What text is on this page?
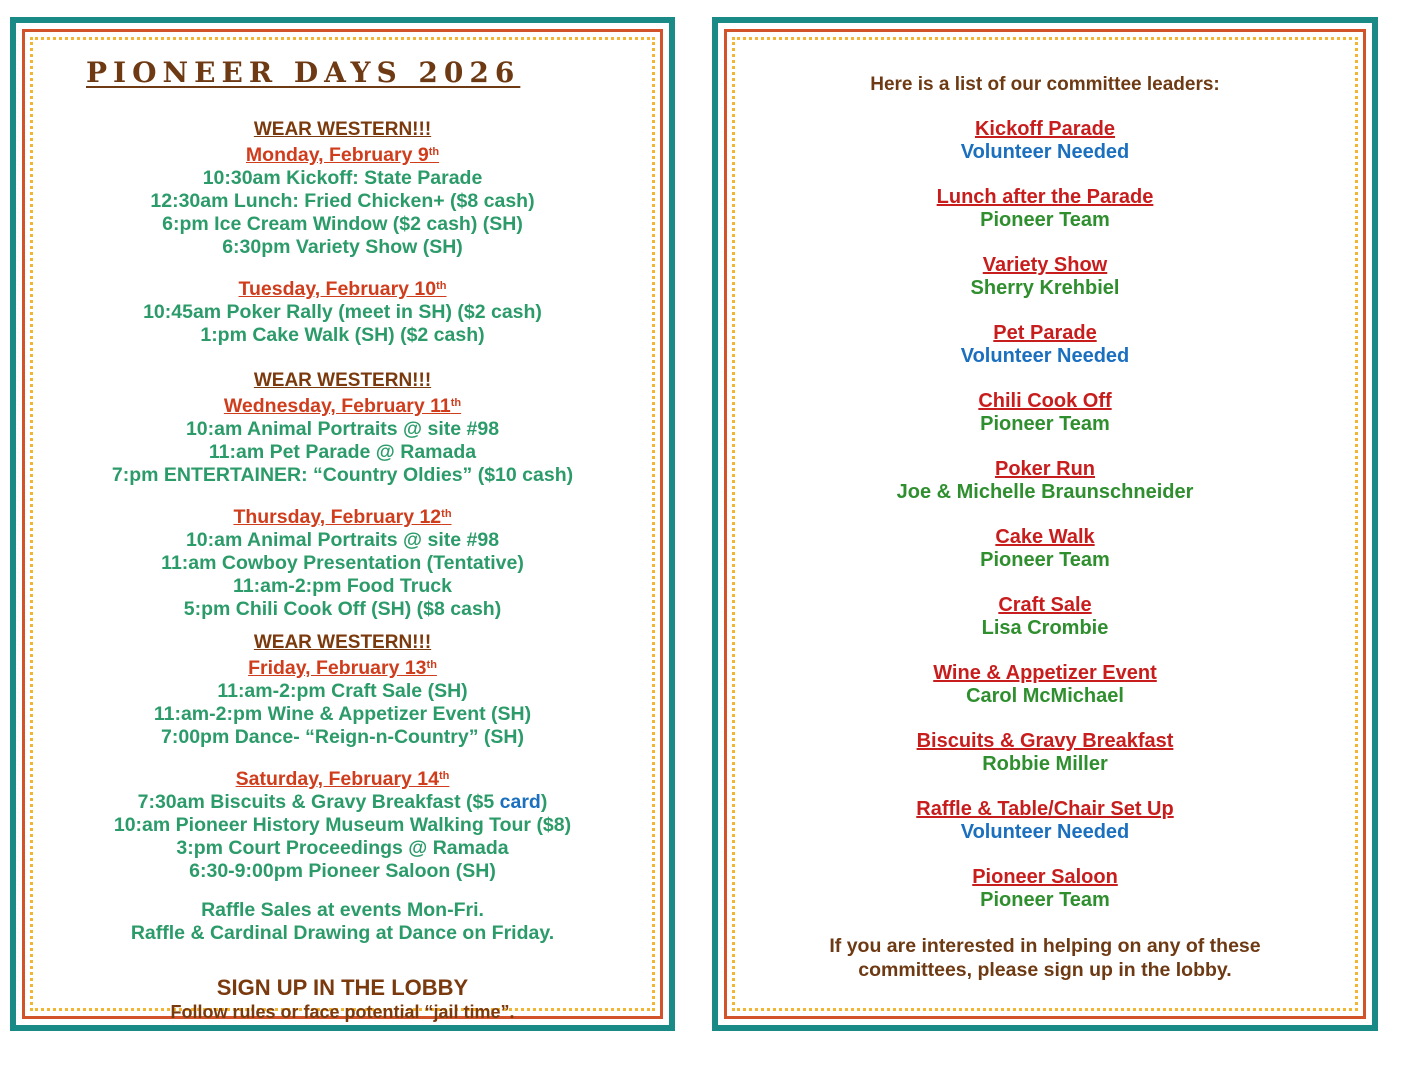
PIONEER DAYS 2026
WEAR WESTERN!!!
Monday, February 9th
10:30am Kickoff: State Parade
12:30am Lunch: Fried Chicken+ ($8 cash)
6:pm Ice Cream Window ($2 cash) (SH)
6:30pm Variety Show (SH)
Tuesday, February 10th
10:45am Poker Rally (meet in SH) ($2 cash)
1:pm Cake Walk (SH) ($2 cash)
WEAR WESTERN!!!
Wednesday, February 11th
10:am Animal Portraits @ site #98
11:am Pet Parade @ Ramada
7:pm ENTERTAINER: “Country Oldies” ($10 cash)
Thursday, February 12th
10:am Animal Portraits @ site #98
11:am Cowboy Presentation (Tentative)
11:am-2:pm Food Truck
5:pm Chili Cook Off (SH) ($8 cash)
WEAR WESTERN!!!
Friday, February 13th
11:am-2:pm Craft Sale (SH)
11:am-2:pm Wine & Appetizer Event (SH)
7:00pm Dance- “Reign-n-Country” (SH)
Saturday, February 14th
7:30am Biscuits & Gravy Breakfast ($5 card)
10:am Pioneer History Museum Walking Tour ($8)
3:pm Court Proceedings @ Ramada
6:30-9:00pm Pioneer Saloon (SH)
Raffle Sales at events Mon-Fri.
Raffle & Cardinal Drawing at Dance on Friday.
SIGN UP IN THE LOBBY
Follow rules or face potential “jail time”.
Here is a list of our committee leaders:
Kickoff Parade
Volunteer Needed
Lunch after the Parade
Pioneer Team
Variety Show
Sherry Krehbiel
Pet Parade
Volunteer Needed
Chili Cook Off
Pioneer Team
Poker Run
Joe & Michelle Braunschneider
Cake Walk
Pioneer Team
Craft Sale
Lisa Crombie
Wine & Appetizer Event
Carol McMichael
Biscuits & Gravy Breakfast
Robbie Miller
Raffle & Table/Chair Set Up
Volunteer Needed
Pioneer Saloon
Pioneer Team
If you are interested in helping on any of these
committees, please sign up in the lobby.
